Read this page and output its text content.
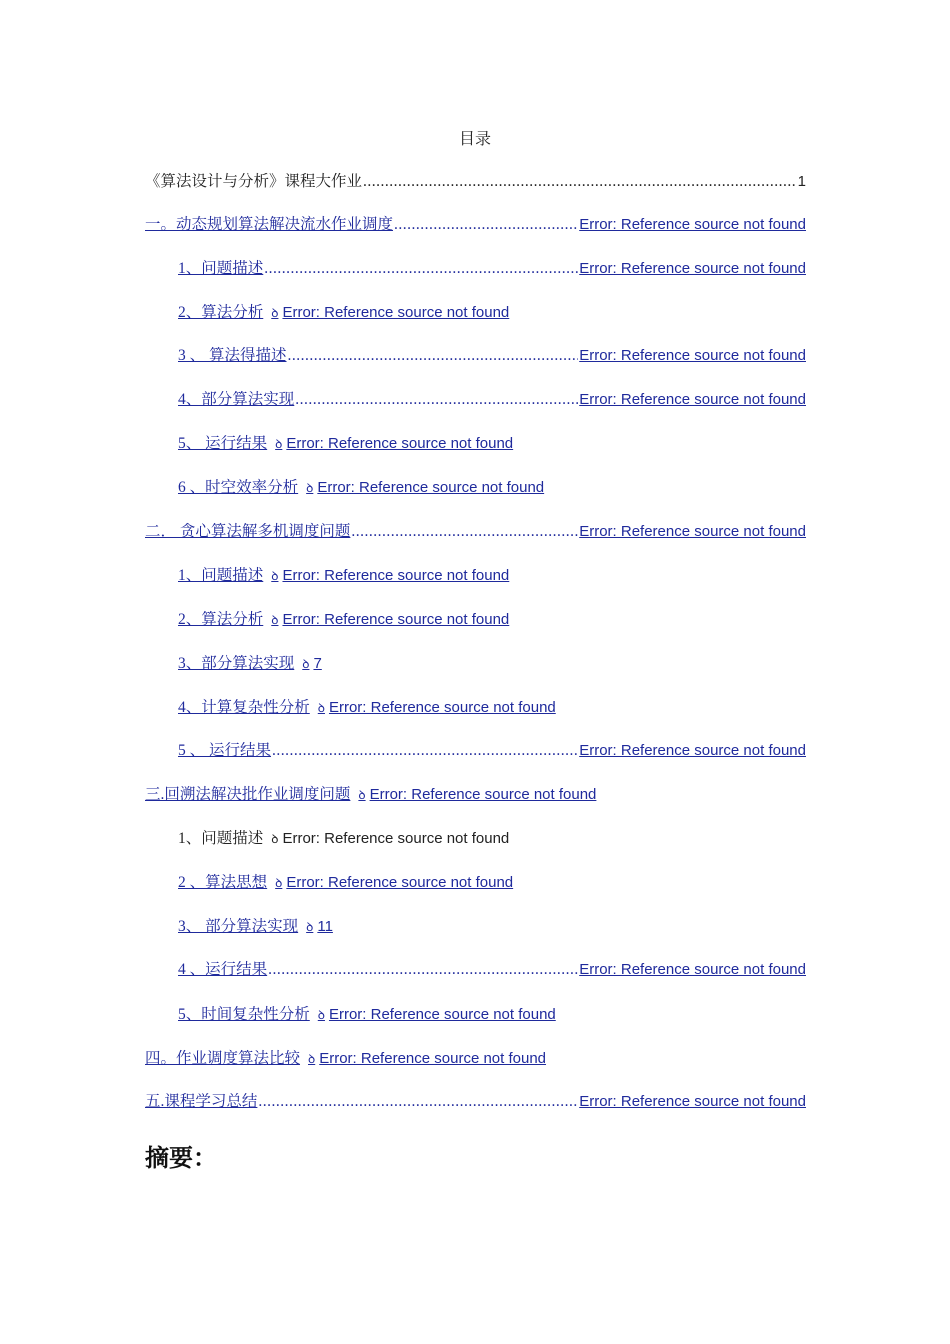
目录
《算法设计与分析》课程大作业 .....	1
一。动态规划算法解决流水作业调度 .....	Error: Reference source not found
1、问题描述 .....	Error: Reference source not found
2、算法分析 ꝺ Error: Reference source not found
3 、 算法得描述 .....	Error: Reference source not found
4、部分算法实现 .....	Error: Reference source not found
5、 运行结果 ꝺ Error: Reference source not found
6 、时空效率分析 ꝺ Error: Reference source not found
二． 贪心算法解多机调度问题 .....	Error: Reference source not found
1、问题描述 ꝺ Error: Reference source not found
2、算法分析 ꝺ Error: Reference source not found
3、部分算法实现 ꝺ 7
4、计算复杂性分析 ꝺ Error: Reference source not found
5 、 运行结果 .....	Error: Reference source not found
三.回溯法解决批作业调度问题 ꝺ Error: Reference source not found
1、问题描述 ꝺ Error: Reference source not found
2 、算法思想 ꝺ Error: Reference source not found
3、 部分算法实现 ꝺ 11
4 、运行结果 .....	Error: Reference source not found
5、时间复杂性分析 ꝺ Error: Reference source not found
四。作业调度算法比较 ꝺ Error: Reference source not found
五.课程学习总结 .....	Error: Reference source not found
摘要：
